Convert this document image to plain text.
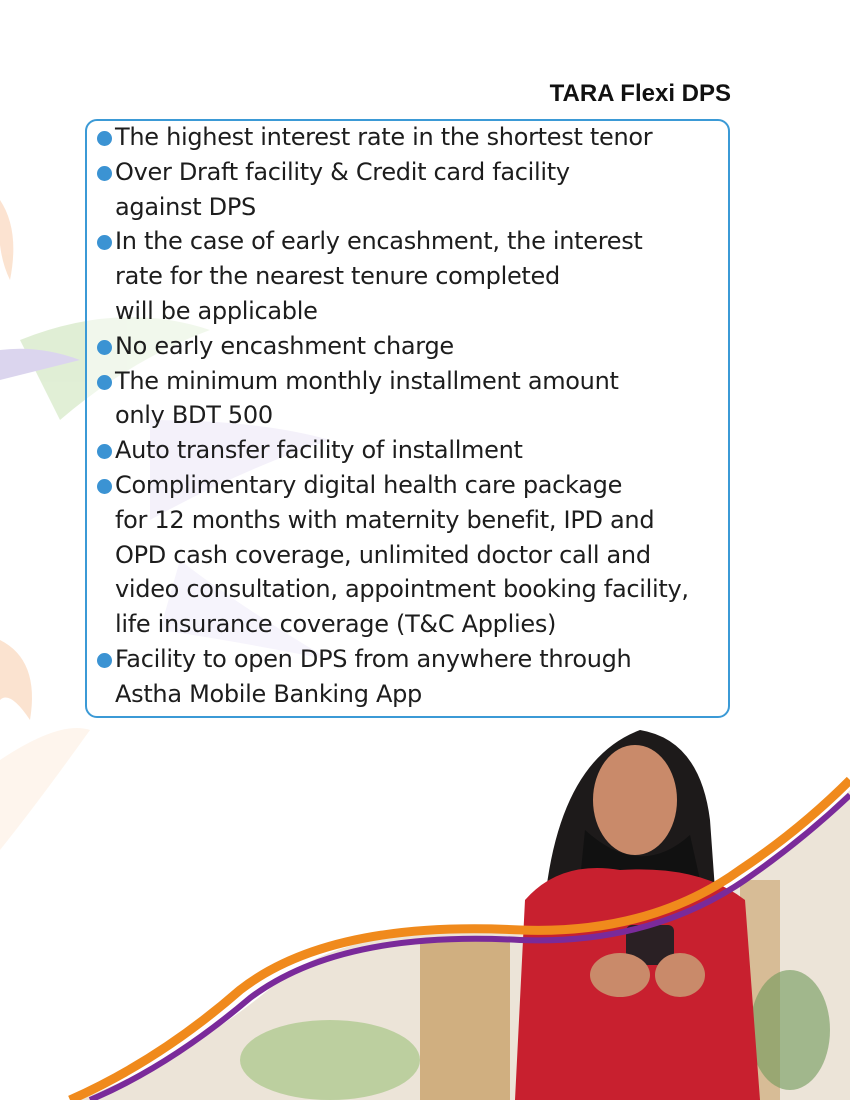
TARA Flexi DPS
The highest interest rate in the shortest tenor
Over Draft facility & Credit card facility
against DPS
In the case of early encashment, the interest
rate for the nearest tenure completed
will be applicable
No early encashment charge
The minimum monthly installment amount
only BDT 500
Auto transfer facility of installment
Complimentary digital health care package
for 12 months with maternity benefit, IPD and
OPD cash coverage, unlimited doctor call and
video consultation, appointment booking facility,
life insurance coverage (T&C Applies)
Facility to open DPS from anywhere through
Astha Mobile Banking App
